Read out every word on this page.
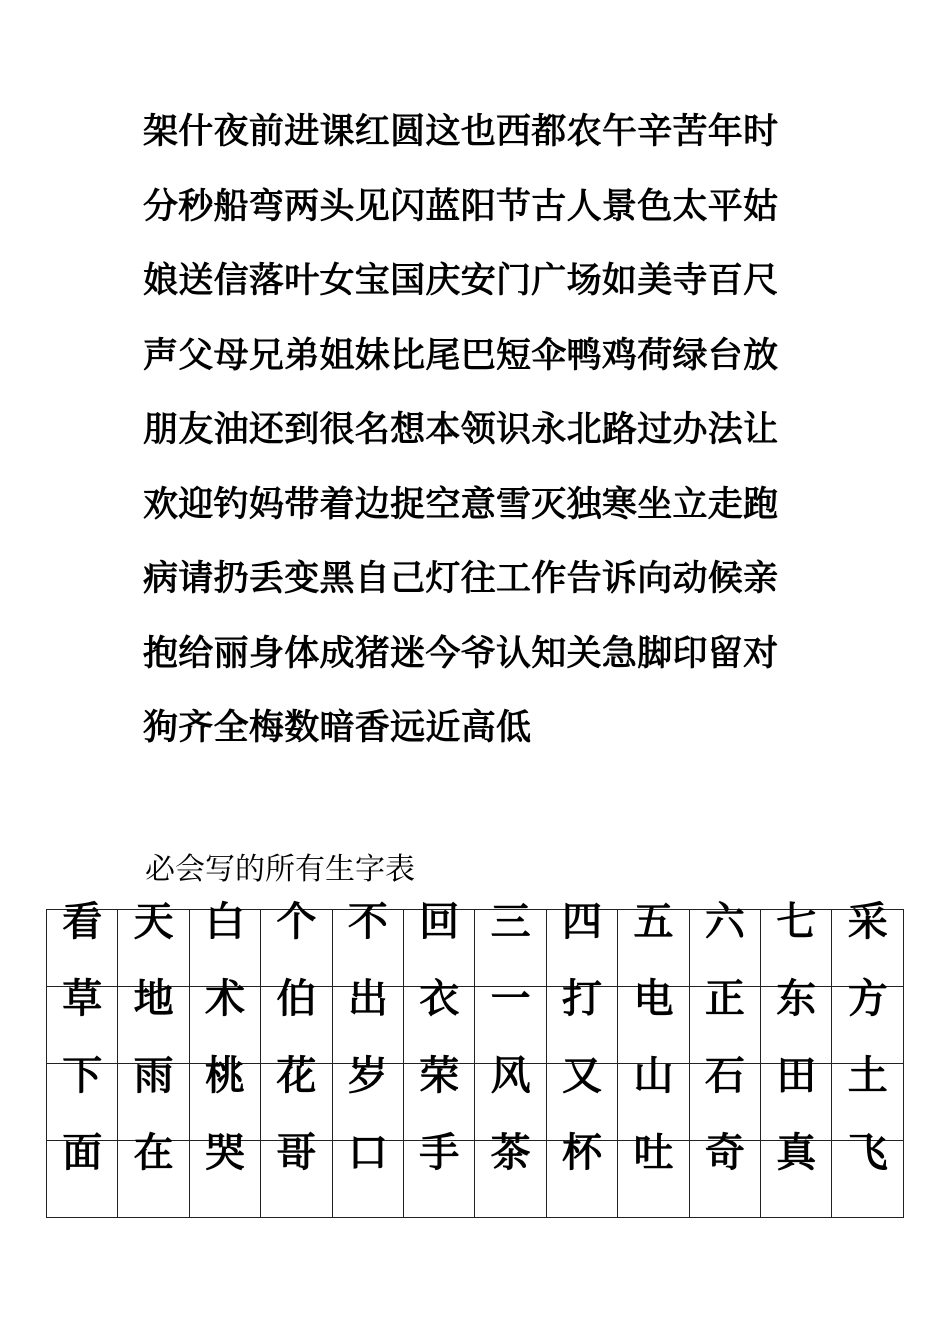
架什夜前进课红圆这也西都农午辛苦年时
分秒船弯两头见闪蓝阳节古人景色太平姑
娘送信落叶女宝国庆安门广场如美寺百尺
声父母兄弟姐妹比尾巴短伞鸭鸡荷绿台放
朋友油还到很名想本领识永北路过办法让
欢迎钓妈带着边捉空意雪灭独寒坐立走跑
病请扔丢变黑自己灯往工作告诉向动候亲
抱给丽身体成猪迷今爷认知关急脚印留对
狗齐全梅数暗香远近高低
必会写的所有生字表
看	天	白	个	不	回	三	四	五	六	七	采

草	地	术	伯	出	衣	一	打	电	正	东	方

下	雨	桃	花	岁	荣	风	又	山	石	田	土

面	在	哭	哥	口	手	茶	杯	吐	奇	真	飞
